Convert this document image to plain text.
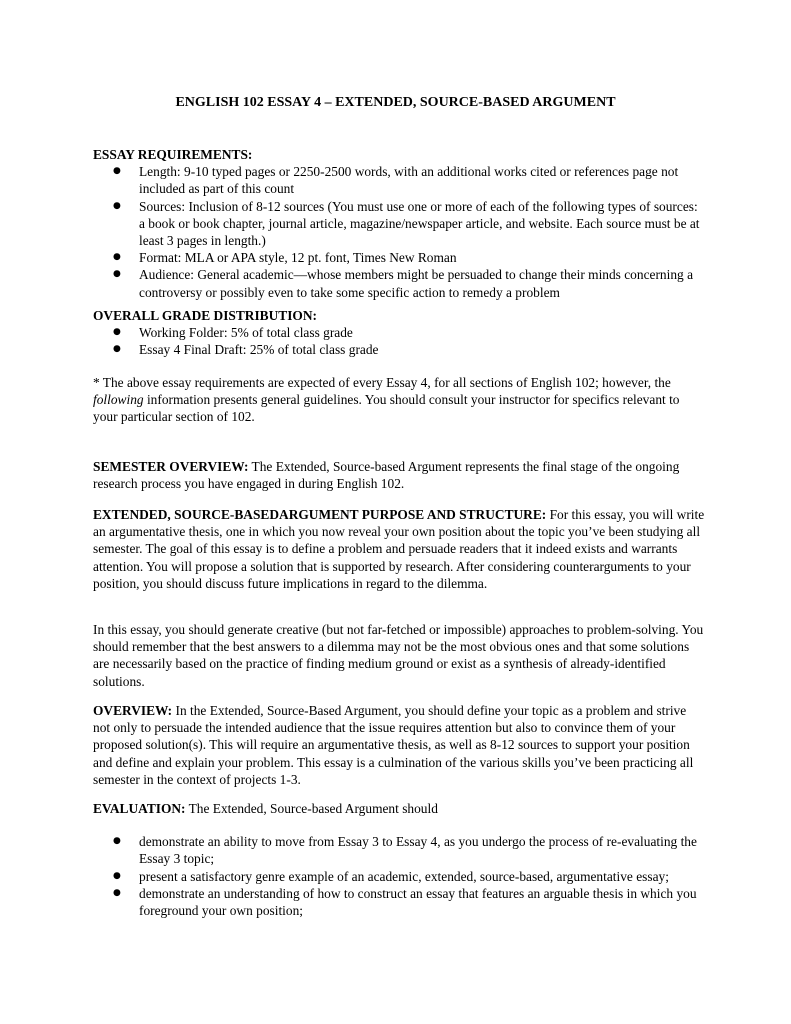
ENGLISH 102 ESSAY 4 – EXTENDED, SOURCE-BASED ARGUMENT

ESSAY REQUIREMENTS:

● Length: 9-10 typed pages or 2250-2500 words, with an additional works cited or references page not included as part of this count
● Sources: Inclusion of 8-12 sources (You must use one or more of each of the following types of sources: a book or book chapter, journal article, magazine/newspaper article, and website. Each source must be at least 3 pages in length.)
● Format: MLA or APA style, 12 pt. font, Times New Roman
● Audience: General academic—whose members might be persuaded to change their minds concerning a controversy or possibly even to take some specific action to remedy a problem

OVERALL GRADE DISTRIBUTION:

● Working Folder: 5% of total class grade
● Essay 4 Final Draft: 25% of total class grade

* The above essay requirements are expected of every Essay 4, for all sections of English 102; however, the following information presents general guidelines. You should consult your instructor for specifics relevant to your particular section of 102.

SEMESTER OVERVIEW: The Extended, Source-based Argument represents the final stage of the ongoing research process you have engaged in during English 102.

EXTENDED, SOURCE-BASEDARGUMENT PURPOSE AND STRUCTURE: For this essay, you will write an argumentative thesis, one in which you now reveal your own position about the topic you’ve been studying all semester. The goal of this essay is to define a problem and persuade readers that it indeed exists and warrants attention. You will propose a solution that is supported by research. After considering counterarguments to your position, you should discuss future implications in regard to the dilemma.

In this essay, you should generate creative (but not far-fetched or impossible) approaches to problem-solving. You should remember that the best answers to a dilemma may not be the most obvious ones and that some solutions are necessarily based on the practice of finding medium ground or exist as a synthesis of already-identified solutions.

OVERVIEW: In the Extended, Source-Based Argument, you should define your topic as a problem and strive not only to persuade the intended audience that the issue requires attention but also to convince them of your proposed solution(s). This will require an argumentative thesis, as well as 8-12 sources to support your position and define and explain your problem. This essay is a culmination of the various skills you’ve been practicing all semester in the context of projects 1-3.

EVALUATION: The Extended, Source-based Argument should

● demonstrate an ability to move from Essay 3 to Essay 4, as you undergo the process of re-evaluating the Essay 3 topic;
● present a satisfactory genre example of an academic, extended, source-based, argumentative essay;
● demonstrate an understanding of how to construct an essay that features an arguable thesis in which you foreground your own position;
